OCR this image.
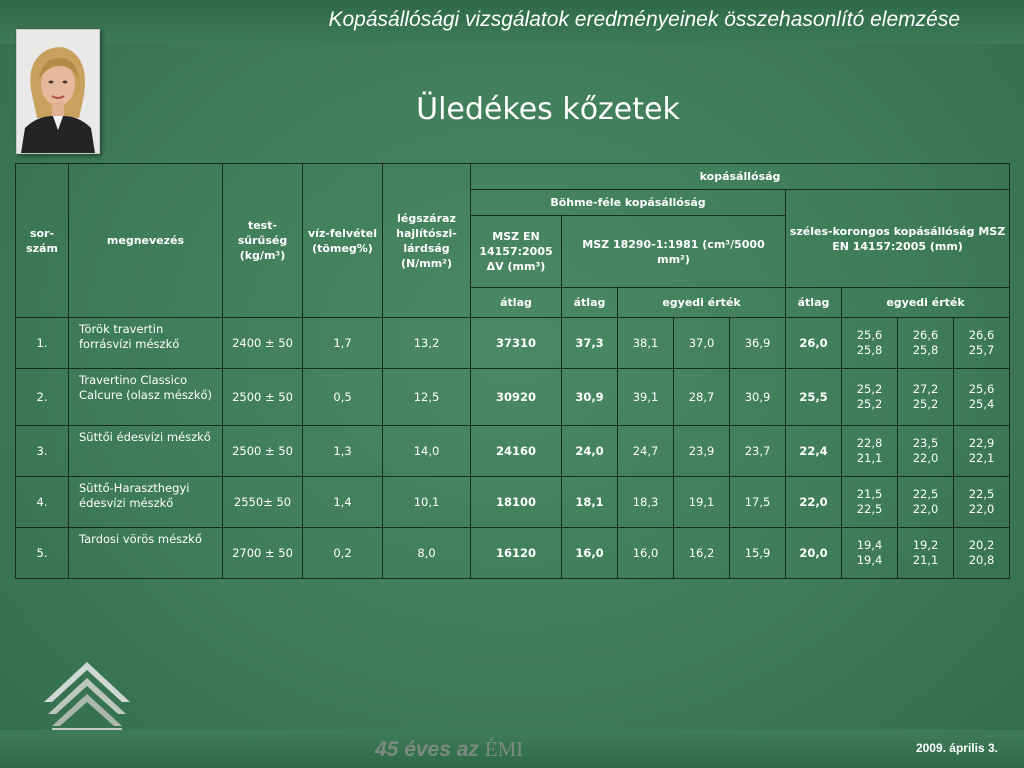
Kopásállósági vizsgálatok eredményeinek összehasonlító elemzése
Üledékes kőzetek
sor-szám	megnevezés	test-sűrűség (kg/m³)	víz-felvétel (tömeg%)	légszáraz hajlítószi-lárdság (N/mm²)	kopásállóság								
					Böhme-féle kopásállóság					széles-korongos kopásállóság MSZ EN 14157:2005 (mm)			
					MSZ EN 14157:2005 ΔV (mm³)	MSZ 18290-1:1981 (cm³/5000 mm²)							
					átlag	átlag	egyedi érték			átlag	egyedi érték		
1.	Török travertin forrásvízi mészkő	2400 ± 50	1,7	13,2	37310	37,3	38,1	37,0	36,9	26,0	25,6 25,8	26,6 25,8	26,6 25,7
2.	Travertino Classico Calcure (olasz mészkő)	2500 ± 50	0,5	12,5	30920	30,9	39,1	28,7	30,9	25,5	25,2 25,2	27,2 25,2	25,6 25,4
3.	Süttői édesvízi mészkő	2500 ± 50	1,3	14,0	24160	24,0	24,7	23,9	23,7	22,4	22,8 21,1	23,5 22,0	22,9 22,1
4.	Süttő-Haraszthegyi édesvízi mészkő	2550± 50	1,4	10,1	18100	18,1	18,3	19,1	17,5	22,0	21,5 22,5	22,5 22,0	22,5 22,0
5.	Tardosi vörös mészkő	2700 ± 50	0,2	8,0	16120	16,0	16,0	16,2	15,9	20,0	19,4 19,4	19,2 21,1	20,2 20,8
45 éves az ÉMI	2009. április 3.
